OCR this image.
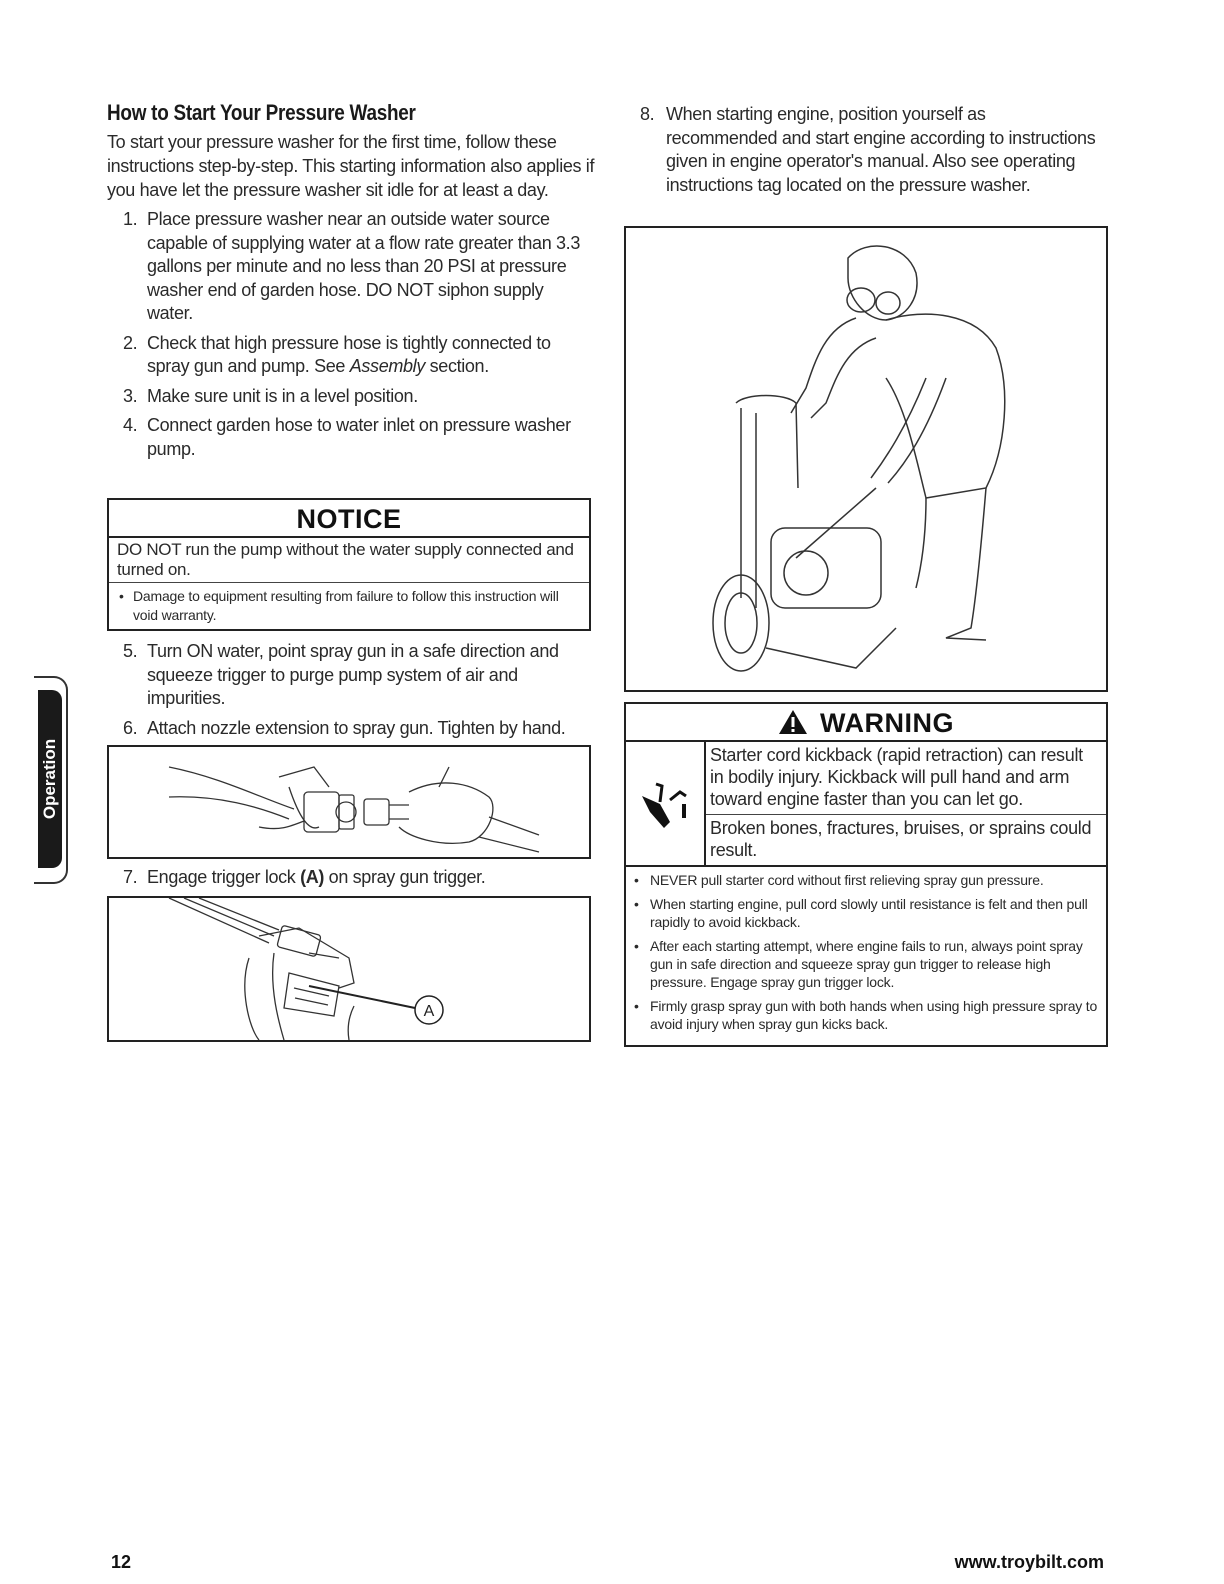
How to Start Your Pressure Washer

To start your pressure washer for the first time, follow these instructions step-by-step. This starting information also applies if you have let the pressure washer sit idle for at least a day.

1. Place pressure washer near an outside water source capable of supplying water at a flow rate greater than 3.3 gallons per minute and no less than 20 PSI at pressure washer end of garden hose. DO NOT siphon supply water.
2. Check that high pressure hose is tightly connected to spray gun and pump. See Assembly section.
3. Make sure unit is in a level position.
4. Connect garden hose to water inlet on pressure washer pump.
NOTICE
DO NOT run the pump without the water supply connected and turned on.
• Damage to equipment resulting from failure to follow this instruction will void warranty.
5. Turn ON water, point spray gun in a safe direction and squeeze trigger to purge pump system of air and impurities.
6. Attach nozzle extension to spray gun. Tighten by hand.
7. Engage trigger lock (A) on spray gun trigger.
A
8. When starting engine, position yourself as recommended and start engine according to instructions given in engine operator's manual. Also see operating instructions tag located on the pressure washer.
WARNING

Starter cord kickback (rapid retraction) can result in bodily injury. Kickback will pull hand and arm toward engine faster than you can let go.

Broken bones, fractures, bruises, or sprains could result.

• NEVER pull starter cord without first relieving spray gun pressure.
• When starting engine, pull cord slowly until resistance is felt and then pull rapidly to avoid kickback.
• After each starting attempt, where engine fails to run, always point spray gun in safe direction and squeeze spray gun trigger to release high pressure. Engage spray gun trigger lock.
• Firmly grasp spray gun with both hands when using high pressure spray to avoid injury when spray gun kicks back.
Operation
12	www.troybilt.com
